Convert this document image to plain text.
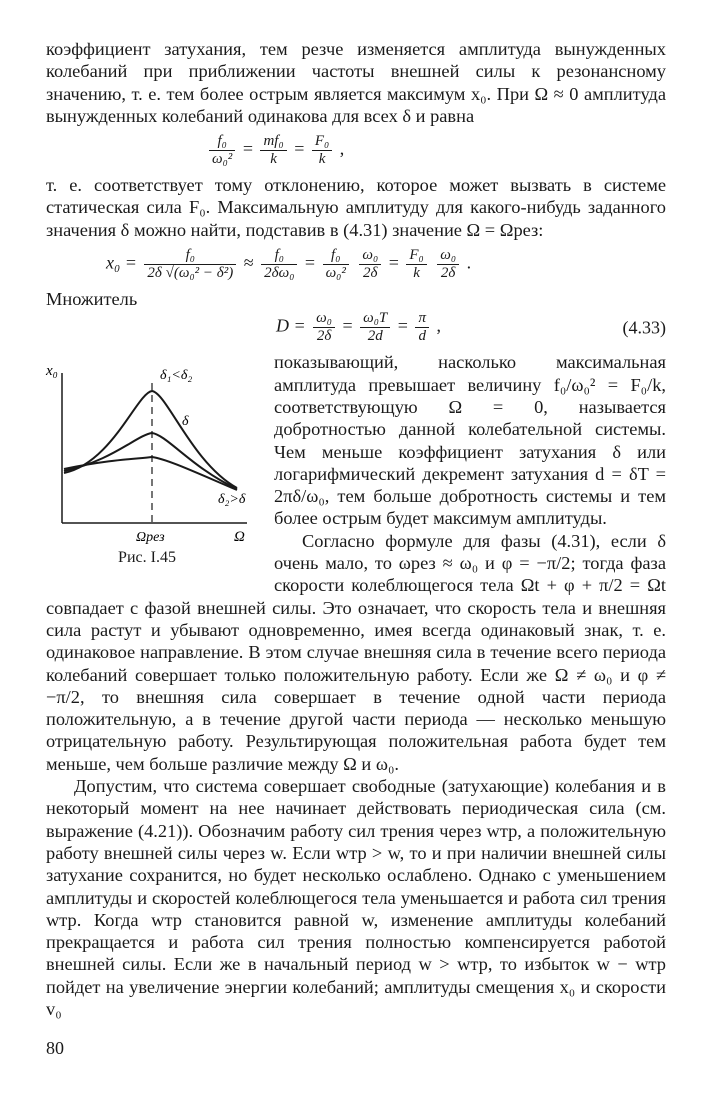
коэффициент затухания, тем резче изменяется амплитуда вынужденных колебаний при приближении частоты внешней силы к резонансному значению, т. е. тем более острым является максимум x₀. При Ω ≈ 0 амплитуда вынужденных колебаний одинакова для всех δ и равна

$\frac{\text{f₀}}{\text{ω₀²}} = \frac{\text{mf₀}}{k} = \frac{\text{F₀}}{k}$ ,

т. е. соответствует тому отклонению, которое может вызвать в системе статическая сила F₀. Максимальную амплитуду для какого-нибудь заданного значения δ можно найти, подставив в (4.31) значение Ω = Ωрез:

$x_0 = \frac{\text{f₀}}{\text{2δ √(ω₀² − δ²)}} \approx \frac{\text{f₀}}{\text{2δω₀}} = \frac{\text{f₀}}{\text{ω₀²}}$
$\frac{\text{ω₀}}{2\delta} = \frac{\text{F₀}}{k}$
$\frac{\text{ω₀}}{2\delta}$ .
Множитель
$D = \frac{\text{ω₀}}{2\delta} = \frac{\text{ω₀T}}{2d} = \frac{\pi}{d}$ ,	(4.33)
x₀
Ω
Ωрез
δ₁<δ₂
δ
δ₂>δ
Рис. I.45

показывающий, насколько максимальная амплитуда превышает величину f₀/ω₀² = F₀/k, соответствующую Ω = 0, называется добротностью данной колебательной системы. Чем меньше коэффициент затухания δ или логарифмический декремент затухания d = δT = 2πδ/ω₀, тем больше добротность системы и тем более острым будет максимум амплитуды.

Согласно формуле для фазы (4.31), если δ очень мало, то ωрез ≈ ω₀ и φ = −π/2; тогда фаза скорости колеблющегося тела Ωt + φ + π/2 = Ωt совпадает с фазой внешней силы. Это означает, что скорость тела и внешняя сила растут и убывают одновременно, имея всегда одинаковый знак, т. е. одинаковое направление. В этом случае внешняя сила в течение всего периода колебаний совершает только положительную работу. Если же Ω ≠ ω₀ и φ ≠ −π/2, то внешняя сила совершает в течение одной части периода положительную, а в течение другой части периода — несколько меньшую отрицательную работу. Результирующая положительная работа будет тем меньше, чем больше различие между Ω и ω₀.

Допустим, что система совершает свободные (затухающие) колебания и в некоторый момент на нее начинает действовать периодическая сила (см. выражение (4.21)). Обозначим работу сил трения через wтр, а положительную работу внешней силы через w. Если wтр > w, то и при наличии внешней силы затухание сохранится, но будет несколько ослаблено. Однако с уменьшением амплитуды и скоростей колеблющегося тела уменьшается и работа сил трения wтр. Когда wтр становится равной w, изменение амплитуды колебаний прекращается и работа сил трения полностью компенсируется работой внешней силы. Если же в начальный период w > wтр, то избыток w − wтр пойдет на увеличение энергии колебаний; амплитуды смещения x₀ и скорости v₀

80
